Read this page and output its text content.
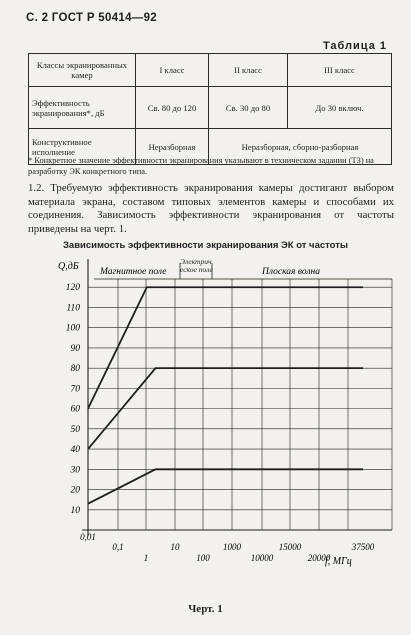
С. 2 ГОСТ Р 50414—92
Таблица 1
Классы экранированных камер	I класс	II класс	III класс
Эффективность экранирования*, дБ	Св. 80 до 120	Св. 30 до 80	До 30 включ.
Конструктивное исполнение	Неразборная	Неразборная, сборно-разборная	
* Конкретное значение эффективности экранирования указывают в техническом задании (ТЗ) на разработку ЭК конкретного типа.
1.2. Требуемую эффективность экранирования камеры достигают выбором материала экрана, составом типовых элементов камеры и способами их соединения. Зависимость эффективности экранирования от частоты приведены на черт. 1.
Зависимость эффективности экранирования ЭК от частоты
Магнитное поле
Электрическое поле	Плоская волна
10
20
30
40
50
60
70
80
90
100
110
120
0,01
0,1
1
10
100
1000
10000
15000
20000
37500
Q,дБ
f, МГц
Черт. 1
